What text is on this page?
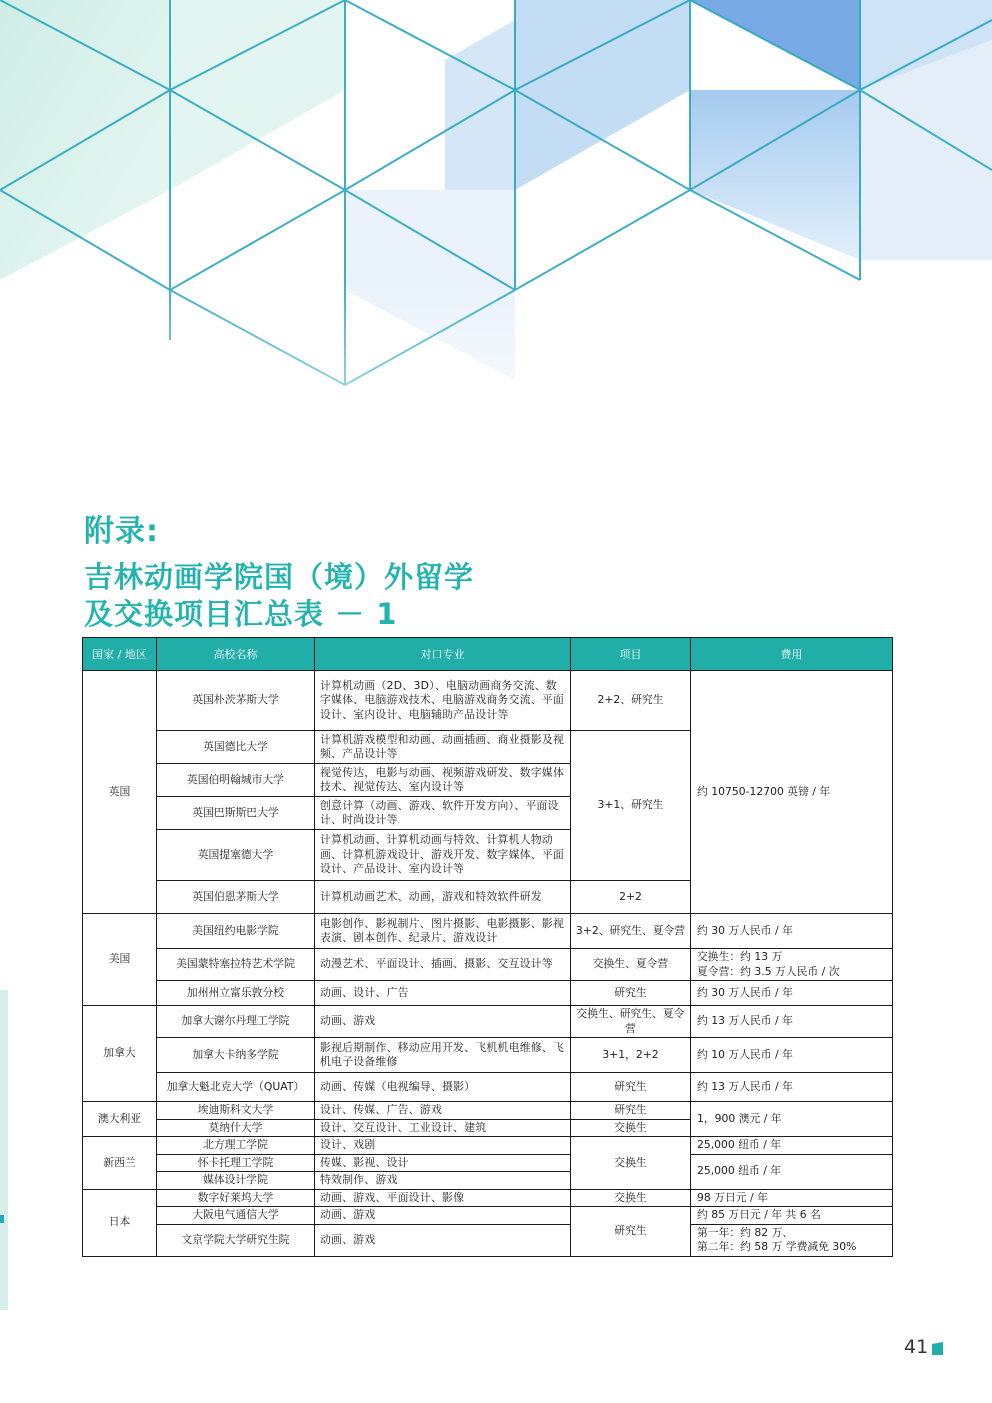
附录:
吉林动画学院国（境）外留学
及交换项目汇总表 － 1
国家 / 地区	高校名称	对口专业	项目	费用
英国	英国朴茨茅斯大学	计算机动画（2D、3D）、电脑动画商务交流、数字媒体、电脑游戏技术、电脑游戏商务交流、平面设计、室内设计、电脑辅助产品设计等	2+2、研究生	约 10750-12700 英镑 / 年
	英国德比大学	计算机游戏模型和动画、动画插画、商业摄影及视频、产品设计等	3+1、研究生	
	英国伯明翰城市大学	视觉传达，电影与动画、视频游戏研发、数字媒体技术、视觉传达、室内设计等		
	英国巴斯斯巴大学	创意计算（动画、游戏、软件开发方向）、平面设计、时尚设计等		
	英国提塞德大学	计算机动画、计算机动画与特效、计算机人物动画、计算机游戏设计、游戏开发、数字媒体、平面设计、产品设计、室内设计等		
	英国伯恩茅斯大学	计算机动画艺术、动画，游戏和特效软件研发	2+2	
美国	美国纽约电影学院	电影创作、影视制片、图片摄影、电影摄影、影视表演、剧本创作、纪录片、游戏设计	3+2、研究生、夏令营	约 30 万人民币 / 年
	美国蒙特塞拉特艺术学院	动漫艺术、平面设计、插画、摄影、交互设计等	交换生、夏令营	交换生：约 13 万
夏令营：约 3.5 万人民币 / 次

	加州州立富乐敦分校	动画、设计、广告	研究生	约 30 万人民币 / 年
加拿大	加拿大谢尔丹理工学院	动画、游戏	交换生、研究生、夏令营	约 13 万人民币 / 年
	加拿大卡纳多学院	影视后期制作、移动应用开发、飞机机电维修、飞机电子设备维修	3+1，2+2	约 10 万人民币 / 年
	加拿大魁北克大学（QUAT）	动画、传媒（电视编导、摄影）	研究生	约 13 万人民币 / 年
澳大利亚	埃迪斯科文大学	设计、传媒、广告、游戏	研究生	1，900 澳元 / 年
	莫纳什大学	设计、交互设计、工业设计、建筑	交换生	
新西兰	北方理工学院	设计、戏剧	交换生	25,000 纽币 / 年
	怀卡托理工学院	传媒、影视、设计		25,000 纽币 / 年
	媒体设计学院	特效制作、游戏		
日本	数字好莱坞大学	动画、游戏、平面设计、影像	交换生	98 万日元 / 年
	大阪电气通信大学	动画、游戏	研究生	约 85 万日元 / 年 共 6 名
	文京学院大学研究生院	动画、游戏		第一年：约 82 万、
第二年：约 58 万 学费减免 30%
41
